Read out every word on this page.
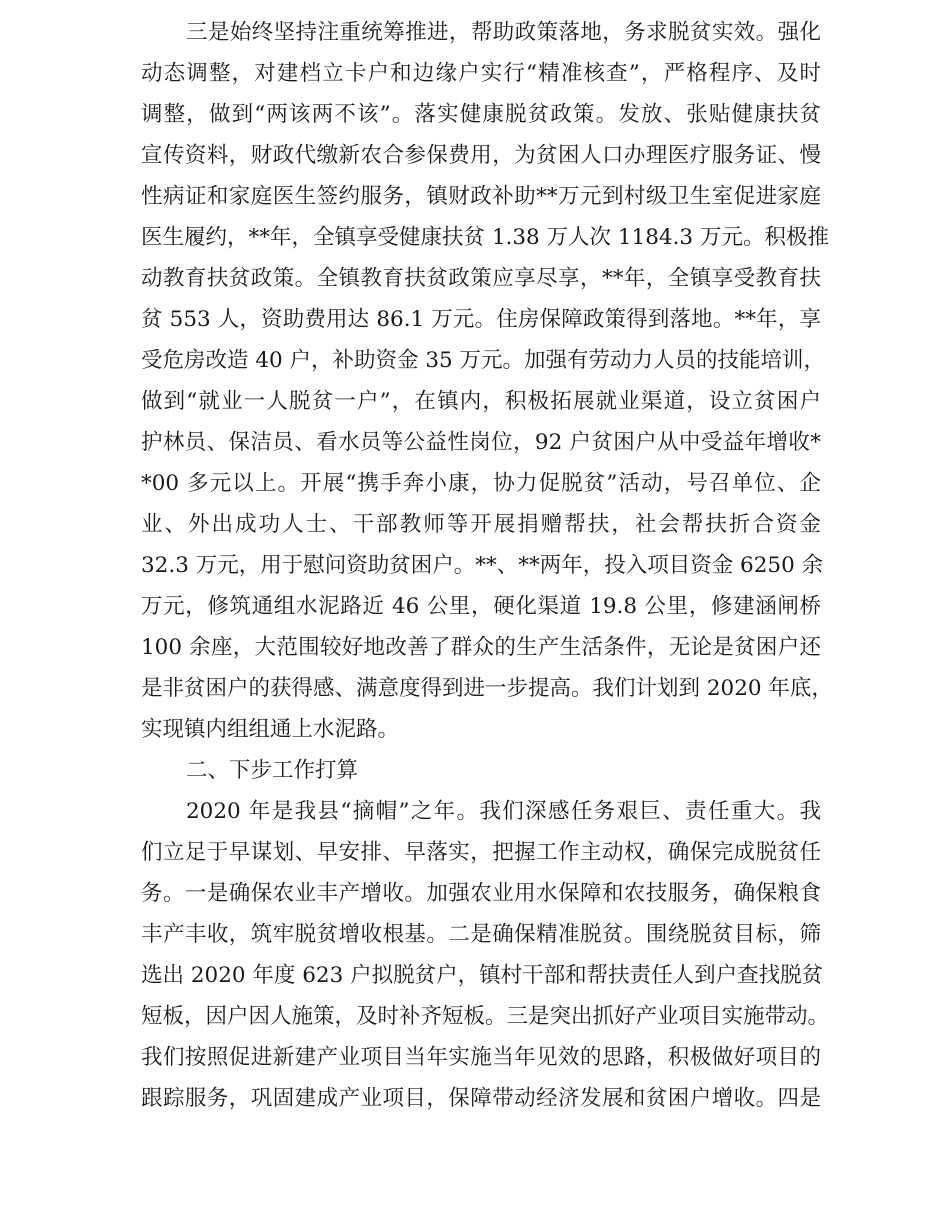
三是始终坚持注重统筹推进，帮助政策落地，务求脱贫实效。强化
动态调整，对建档立卡户和边缘户实行“精准核查”，严格程序、及时
调整，做到“两该两不该”。落实健康脱贫政策。发放、张贴健康扶贫
宣传资料，财政代缴新农合参保费用，为贫困人口办理医疗服务证、慢
性病证和家庭医生签约服务，镇财政补助**万元到村级卫生室促进家庭
医生履约，**年，全镇享受健康扶贫 1.38 万人次 1184.3 万元。积极推
动教育扶贫政策。全镇教育扶贫政策应享尽享，**年，全镇享受教育扶
贫 553 人，资助费用达 86.1 万元。住房保障政策得到落地。**年，享
受危房改造 40 户，补助资金 35 万元。加强有劳动力人员的技能培训，
做到“就业一人脱贫一户”，在镇内，积极拓展就业渠道，设立贫困户
护林员、保洁员、看水员等公益性岗位，92 户贫困户从中受益年增收*
*00 多元以上。开展“携手奔小康，协力促脱贫”活动，号召单位、企
业、外出成功人士、干部教师等开展捐赠帮扶，社会帮扶折合资金
32.3 万元，用于慰问资助贫困户。**、**两年，投入项目资金 6250 余
万元，修筑通组水泥路近 46 公里，硬化渠道 19.8 公里，修建涵闸桥
100 余座，大范围较好地改善了群众的生产生活条件，无论是贫困户还
是非贫困户的获得感、满意度得到进一步提高。我们计划到 2020 年底，
实现镇内组组通上水泥路。
二、下步工作打算
2020 年是我县“摘帽”之年。我们深感任务艰巨、责任重大。我
们立足于早谋划、早安排、早落实，把握工作主动权，确保完成脱贫任
务。一是确保农业丰产增收。加强农业用水保障和农技服务，确保粮食
丰产丰收，筑牢脱贫增收根基。二是确保精准脱贫。围绕脱贫目标，筛
选出 2020 年度 623 户拟脱贫户，镇村干部和帮扶责任人到户查找脱贫
短板，因户因人施策，及时补齐短板。三是突出抓好产业项目实施带动。
我们按照促进新建产业项目当年实施当年见效的思路，积极做好项目的
跟踪服务，巩固建成产业项目，保障带动经济发展和贫困户增收。四是
